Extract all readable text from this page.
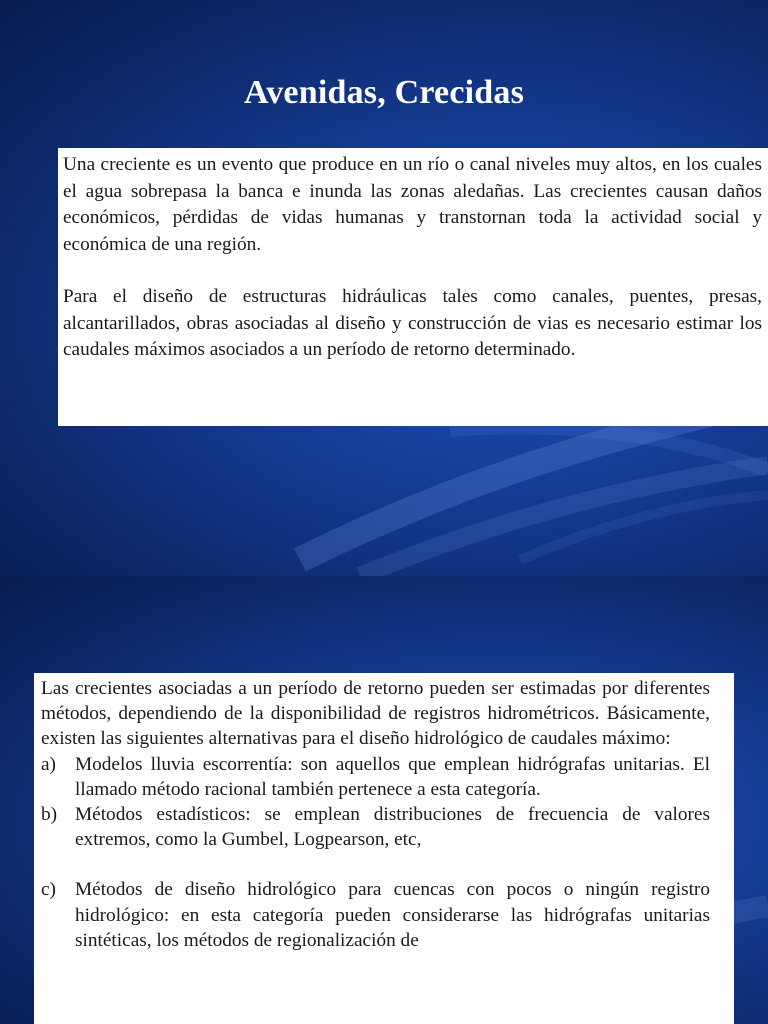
Avenidas, Crecidas

Una creciente es un evento que produce en un río o canal niveles muy altos, en los cuales el agua sobrepasa la banca e inunda las zonas aledañas. Las crecientes causan daños económicos, pérdidas de vidas humanas y transtornan toda la actividad social y económica de una región.

Para el diseño de estructuras hidráulicas tales como canales, puentes, presas, alcantarillados, obras asociadas al diseño y construcción de vias es necesario estimar los caudales máximos asociados a un período de retorno determinado.

Las crecientes asociadas a un período de retorno pueden ser estimadas por diferentes métodos, dependiendo de la disponibilidad de registros hidrométricos. Básicamente, existen las siguientes alternativas para el diseño hidrológico de caudales máximo:

a) Modelos lluvia escorrentía: son aquellos que emplean hidrógrafas unitarias. El llamado método racional también pertenece a esta categoría.
b) Métodos estadísticos: se emplean distribuciones de frecuencia de valores extremos, como la Gumbel, Logpearson, etc,
c) Métodos de diseño hidrológico para cuencas con pocos o ningún registro hidrológico: en esta categoría pueden considerarse las hidrógrafas unitarias sintéticas, los métodos de regionalización de
